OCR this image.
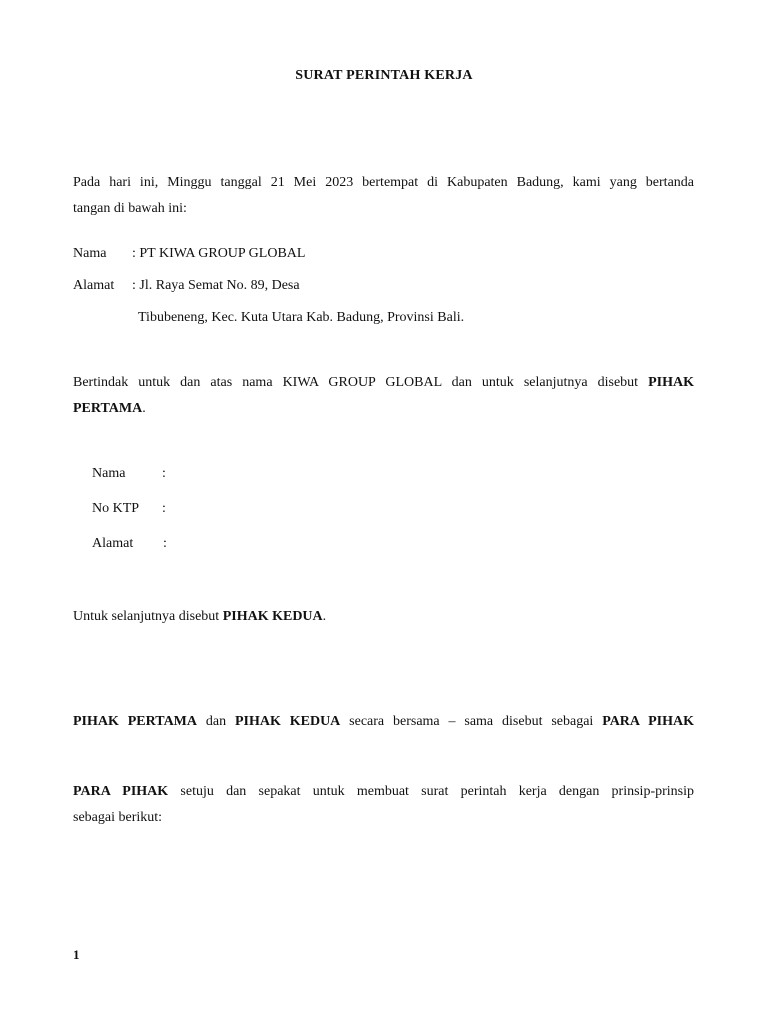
SURAT PERINTAH KERJA
Pada hari ini, Minggu tanggal 21 Mei 2023 bertempat di Kabupaten Badung, kami yang bertanda
tangan di bawah ini:
Nama : PT KIWA GROUP GLOBAL
Alamat : Jl. Raya Semat No. 89, Desa
Tibubeneng, Kec. Kuta Utara Kab. Badung, Provinsi Bali.
Bertindak untuk dan atas nama KIWA GROUP GLOBAL dan untuk selanjutnya disebut PIHAK
PERTAMA.
Nama	:
No KTP :
Alamat :
Untuk selanjutnya disebut PIHAK KEDUA.
PIHAK PERTAMA dan PIHAK KEDUA secara bersama – sama disebut sebagai PARA PIHAK
PARA PIHAK setuju dan sepakat untuk membuat surat perintah kerja dengan prinsip-prinsip
sebagai berikut:
1
